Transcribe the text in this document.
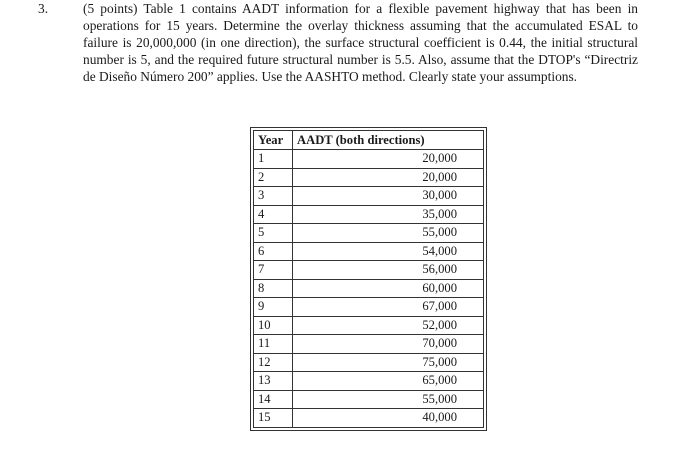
3.	(5 points) Table 1 contains AADT information for a flexible pavement highway that has been in operations for 15 years. Determine the overlay thickness assuming that the accumulated ESAL to failure is 20,000,000 (in one direction), the surface structural coefficient is 0.44, the initial structural number is 5, and the required future structural number is 5.5. Also, assume that the DTOP's “Directriz de Diseño Número 200” applies. Use the AASHTO method. Clearly state your assumptions.

Year	AADT (both directions)
1	20,000
2	20,000
3	30,000
4	35,000
5	55,000
6	54,000
7	56,000
8	60,000
9	67,000
10	52,000
11	70,000
12	75,000
13	65,000
14	55,000
15	40,000
